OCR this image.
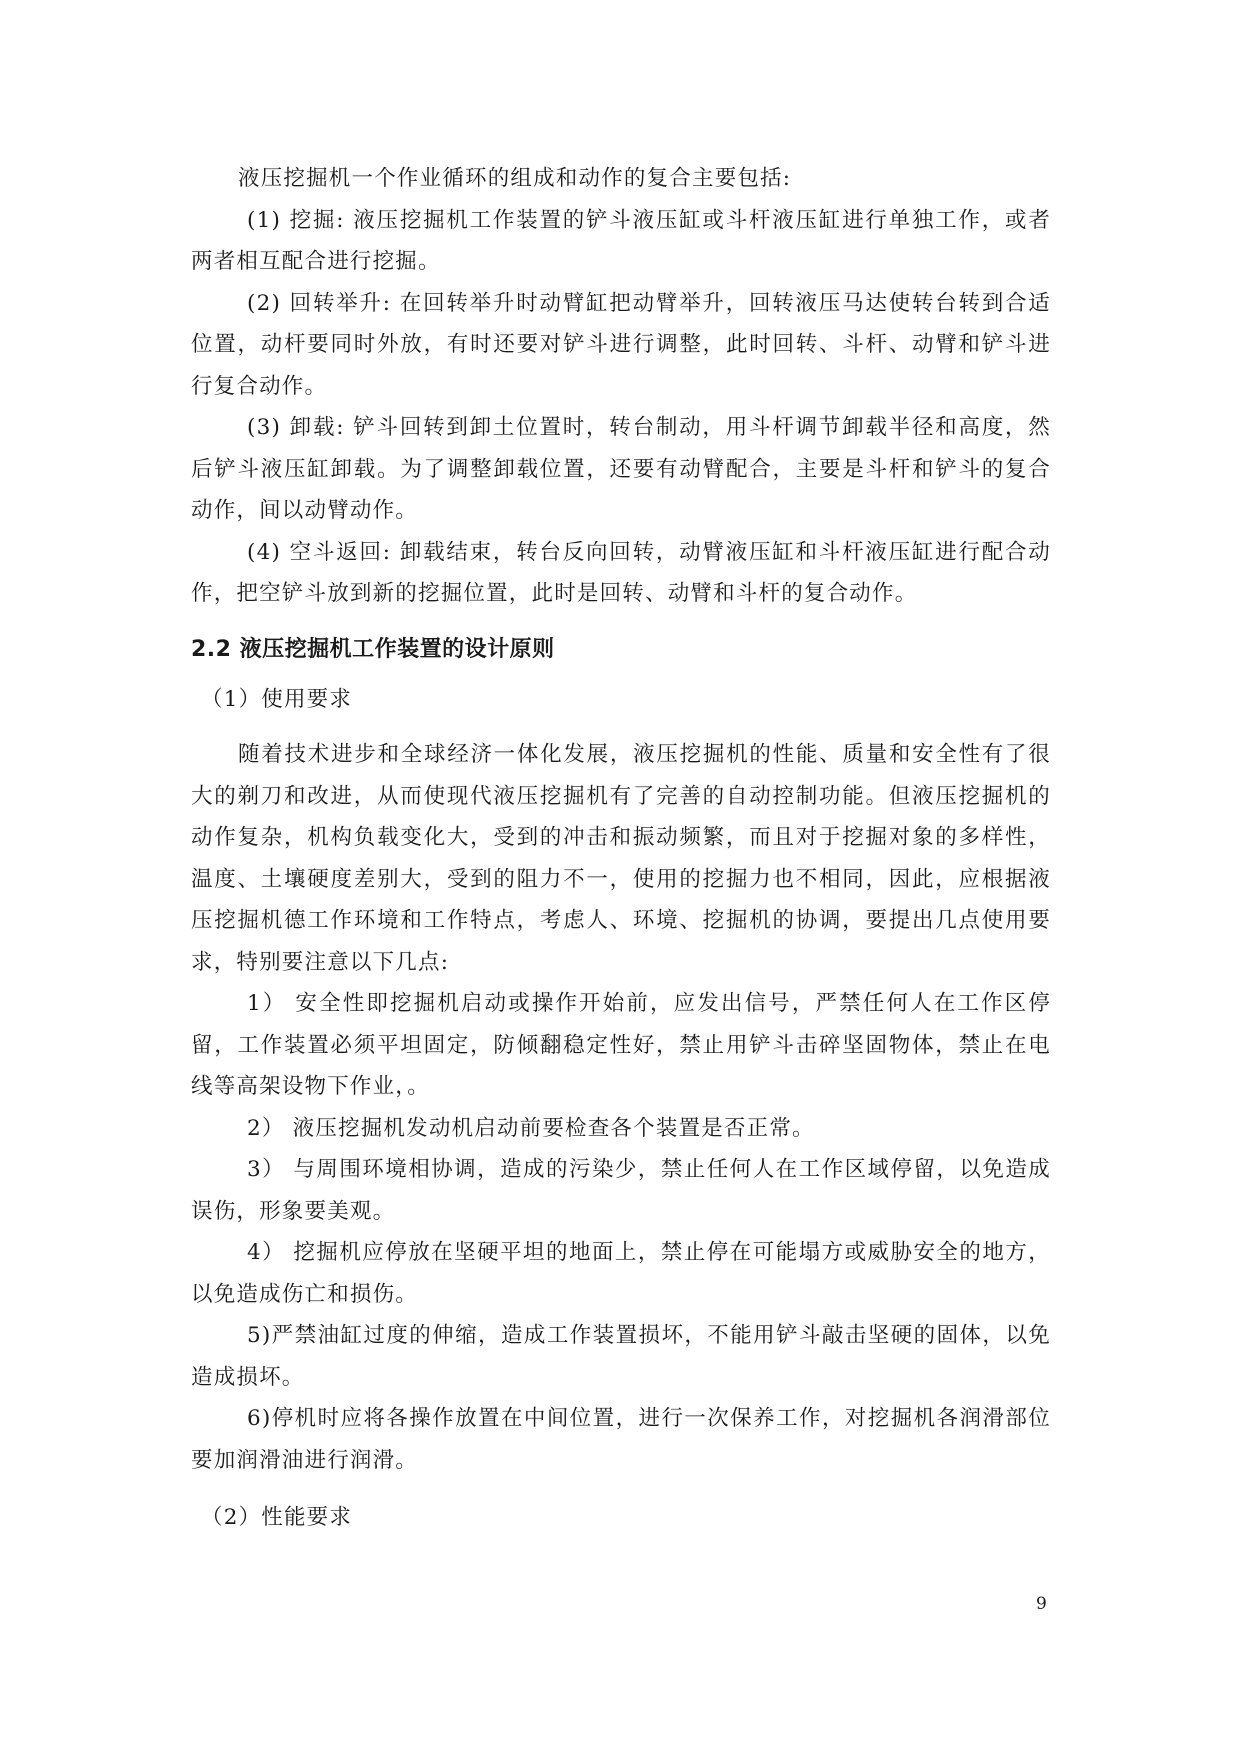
液压挖掘机一个作业循环的组成和动作的复合主要包括:

(1) 挖掘: 液压挖掘机工作装置的铲斗液压缸或斗杆液压缸进行单独工作，或者两者相互配合进行挖掘。

(2) 回转举升: 在回转举升时动臂缸把动臂举升，回转液压马达使转台转到合适位置，动杆要同时外放，有时还要对铲斗进行调整，此时回转、斗杆、动臂和铲斗进行复合动作。

(3) 卸载: 铲斗回转到卸土位置时，转台制动，用斗杆调节卸载半径和高度，然后铲斗液压缸卸载。为了调整卸载位置，还要有动臂配合，主要是斗杆和铲斗的复合动作，间以动臂动作。

(4) 空斗返回: 卸载结束，转台反向回转，动臂液压缸和斗杆液压缸进行配合动作，把空铲斗放到新的挖掘位置，此时是回转、动臂和斗杆的复合动作。

2.2 液压挖掘机工作装置的设计原则

（1）使用要求

随着技术进步和全球经济一体化发展，液压挖掘机的性能、质量和安全性有了很大的剃刀和改进，从而使现代液压挖掘机有了完善的自动控制功能。但液压挖掘机的动作复杂，机构负载变化大，受到的冲击和振动频繁，而且对于挖掘对象的多样性，温度、土壤硬度差别大，受到的阻力不一，使用的挖掘力也不相同，因此，应根据液压挖掘机德工作环境和工作特点，考虑人、环境、挖掘机的协调，要提出几点使用要求，特别要注意以下几点:

1） 安全性即挖掘机启动或操作开始前，应发出信号，严禁任何人在工作区停留，工作装置必须平坦固定，防倾翻稳定性好，禁止用铲斗击碎坚固物体，禁止在电线等高架设物下作业，。

2） 液压挖掘机发动机启动前要检查各个装置是否正常。

3） 与周围环境相协调，造成的污染少，禁止任何人在工作区域停留，以免造成误伤，形象要美观。

4） 挖掘机应停放在坚硬平坦的地面上，禁止停在可能塌方或威胁安全的地方，以免造成伤亡和损伤。

5)严禁油缸过度的伸缩，造成工作装置损坏，不能用铲斗敲击坚硬的固体，以免造成损坏。

6)停机时应将各操作放置在中间位置，进行一次保养工作，对挖掘机各润滑部位要加润滑油进行润滑。

（2）性能要求

9
